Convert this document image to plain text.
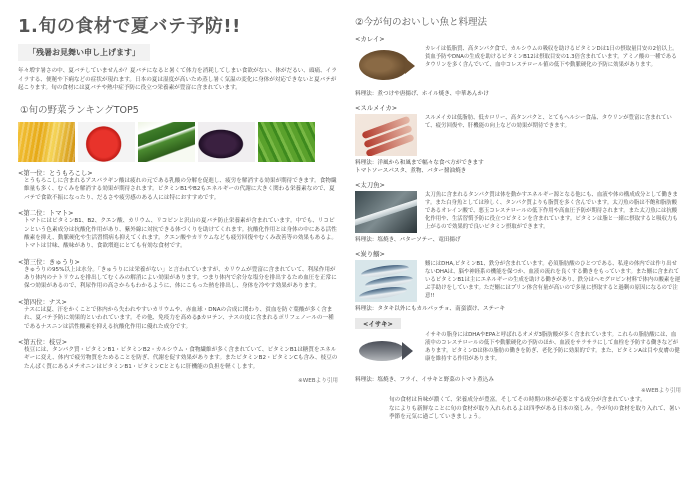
1.旬の食材で夏バテ予防!!
「残暑お見舞い申し上げます」
年々増す暑さの中、夏バテしていませんか？夏バテになると暑くて体力を消耗してしまい食欲がない、体がだるい、頭痛、イライラする、便秘や下痢などの症状が現れます。日本の夏は湿度が高いため蒸し暑く気温の変化に身体が対応できないと夏バテが起こります。旬の食材には夏バテや熱中症予防に役立つ栄養素が豊富に含まれています。
①旬の野菜ランキングTOP5
<第一位：とうもろこし>
とうもろこしに含まれるアスパラギン酸は疲れの元である乳酸の分解を促進し、疲労を解消する効果が期待できます。食物繊維量も多く、むくみを解消する効果が期待されます。ビタミンB1やB2もエネルギーの代謝に大きく関わる栄養素なので、夏バテで食欲不振になったり、だるさや疲労感のある人には特におすすめです。
<第二位：トマト>
トマトにはビタミンB1、B2、クエン酸、カリウム、リコピンと沢山の夏バテ防止栄養素が含まれています。中でも、リコピンという色素成分は抗酸化作用があり、紫外線に対抗できる体づくりを助けてくれます。抗酸化作用とは身体の中にある活性酸素を抑え、動脈硬化や生活習慣病も抑えてくれます。クエン酸やカリウムなども疲労回復やむくみ改善等の効果もあるよ。トマトは甘味、酸味があり、食欲増進にとても有効な食材です。
<第三位：きゅうり>
きゅうりの95%以上は水分。「きゅうりには栄養がない」と言われていますが、カリウムが豊富に含まれていて、利尿作用があり体内のナトリウムを排出してむくみの解消によい効果があります。つまり体内で余分な塩分を排出するため血圧を正常に保つ効果があるので、利尿作用の高さからもわかるように、体にこもった熱を排出し、身体を冷やす効果があります。
<第四位：ナス>
ナスには夏、汗をかくことで体内から失われやすいカリウムや、赤血球・DNAの合成に関わり、貧血を防ぐ葉酸が多く含まれ、夏バテ予防に効果的といわれています。その他、免疫力を高めるβカロテン、ナスの皮に含まれるポリフェノールの一種であるナスニンは活性酸素を抑える抗酸化作用に優れた成分です。
<第五位：枝豆>
枝豆には、タンパク質・ビタミンB1・ビタミンB2・カルシウム・食物繊維が多く含まれていて、ビタミンB1は糖質をエネルギーに変え、体内で疲労物質をためることを防ぎ、代謝を促す効果があります。またビタミンB2・ビタミンCも含み、枝豆のたんぱく質にあるメチオニンはビタミンB1・ビタミンCとともに肝機能の負担を軽くします。
※WEBより引用
②今が旬のおいしい魚と料理法
<カレイ>
カレイは低脂質、高タンパク食で、カルシウムの吸収を助けるビタミンDは1日の摂取量目安の2倍以上。貧血予防やDNAの生成を助けるビタミンB12は摂取目安の1.3倍含まれています。アミノ酸の一種であるタウリンを多く含んでいて、血中コレステロール値の低下や動脈硬化の予防に効果があります。
料理法：煮つけや唐揚げ、ホイル焼き、中華あんかけ
<スルメイカ>
スルメイカは低脂肪、低カロリー、高タンパクと、とてもヘルシー食品、タウリンが豊富に含まれていて、疲労回復や、肝機能の向上などの効果が期待できます。
料理法：洋風から和風まで幅々な食べ方ができます
トマトソースパスタ、煮物、バター醤油焼き
<太刀魚>
太刀魚に含まれるタンパク質は体を動かすエネルギー源となる他にも、血液や体の構成成分として働きます。また白身魚としては珍しく、タンパク質よりも脂質を多く含んでいます。太刀魚の脂は不飽和脂肪酸であるオレイン酸で、悪玉コレステロールの低下作用や高血圧予防が期待されます。また太刀魚には抗酸化作用や、生活習慣予防に役立つビタミンを含まれています。ビタミンは脂と一緒に摂取すると吸収力も上がるので効果的で良いビタミン摂取ができます。
料理法：塩焼き、バターソテー、竜田揚げ
<炭り鰯>
鰯にはDHA,ビタミンB1、鉄分が含まれています。必須脂肪酸のひとつである、私達の体内では作り出せないDHAは、脳や神経系の機能を保つか、血液の流れを良くする働きをもっています。また鰯に含まれているビタミンB1は主にエネルギーの生成を助ける働きがあり、鉄分はヘモグロビン材料で体内の酸素を運ぶ手助けをしています。ただ鰯にはプリン体含有量が高いので多量に摂取すると過剰の原因になるので注意!!
料理法：タタキ以外にもカルパッチョ、南蛮漬け、ステーキ
<イサキ>
イサキの脂身にはDHAやEPAと呼ばれるオメガ3脂肪酸が多く含まれています。これらの脂肪酸には、血液中のコレステロールの低下や動脈硬化の予防のほか、血液をサラサラにして血栓を予防する働きなどがあります。ビタミンDは体の脂肪の働きを防ぎ、老化予防に効果的です。また、ビタミンAは目や皮膚の健康を維持する作用があります。
料理法：塩焼き、フライ、イサキと野菜のトマト煮込み
※WEBより引用
旬の食材は旨味が濃くて、栄養成分が豊富。そしてその時期の体が必要とする成分が含まれています。
なによりも新鮮なことに旬の食材が取り入れられるよは四季がある日本の楽しみ。今が旬の食材を取り入れて、暑い季節を元気に過ごしていきましょう。
